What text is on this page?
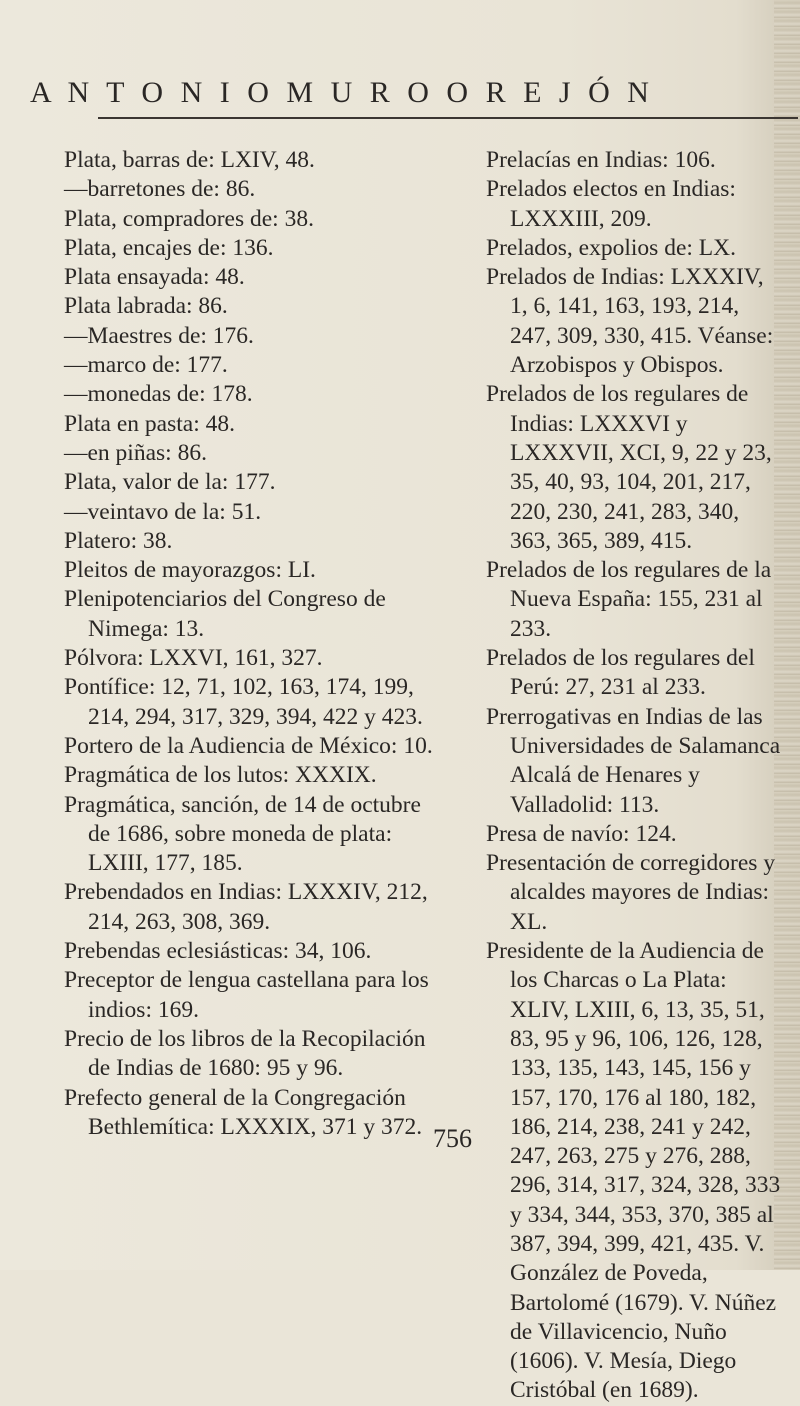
A N T O N I O M U R O O R E J Ó N
Plata, barras de: LXIV, 48.
—barretones de: 86.
Plata, compradores de: 38.
Plata, encajes de: 136.
Plata ensayada: 48.
Plata labrada: 86.
—Maestres de: 176.
—marco de: 177.
—monedas de: 178.
Plata en pasta: 48.
—en piñas: 86.
Plata, valor de la: 177.
—veintavo de la: 51.
Platero: 38.
Pleitos de mayorazgos: LI.
Plenipotenciarios del Congreso de Nimega: 13.
Pólvora: LXXVI, 161, 327.
Pontífice: 12, 71, 102, 163, 174, 199, 214, 294, 317, 329, 394, 422 y 423.
Portero de la Audiencia de México: 10.
Pragmática de los lutos: XXXIX.
Pragmática, sanción, de 14 de octubre de 1686, sobre moneda de plata: LXIII, 177, 185.
Prebendados en Indias: LXXXIV, 212, 214, 263, 308, 369.
Prebendas eclesiásticas: 34, 106.
Preceptor de lengua castellana para los indios: 169.
Precio de los libros de la Recopilación de Indias de 1680: 95 y 96.
Prefecto general de la Congregación Bethlemítica: LXXXIX, 371 y 372.
Prelacías en Indias: 106.
Prelados electos en Indias: LXXXIII, 209.
Prelados, expolios de: LX.
Prelados de Indias: LXXXIV, 1, 6, 141, 163, 193, 214, 247, 309, 330, 415. Véanse: Arzobispos y Obispos.
Prelados de los regulares de Indias: LXXXVI y LXXXVII, XCI, 9, 22 y 23, 35, 40, 93, 104, 201, 217, 220, 230, 241, 283, 340, 363, 365, 389, 415.
Prelados de los regulares de la Nueva España: 155, 231 al 233.
Prelados de los regulares del Perú: 27, 231 al 233.
Prerrogativas en Indias de las Universidades de Salamanca Alcalá de Henares y Valladolid: 113.
Presa de navío: 124.
Presentación de corregidores y alcaldes mayores de Indias: XL.
Presidente de la Audiencia de los Charcas o La Plata: XLIV, LXIII, 6, 13, 35, 51, 83, 95 y 96, 106, 126, 128, 133, 135, 143, 145, 156 y 157, 170, 176 al 180, 182, 186, 214, 238, 241 y 242, 247, 263, 275 y 276, 288, 296, 314, 317, 324, 328, 333 y 334, 344, 353, 370, 385 al 387, 394, 399, 421, 435. V. González de Poveda, Bartolomé (1679). V. Núñez de Villavicencio, Nuño (1606). V. Mesía, Diego Cristóbal (en 1689).
756
